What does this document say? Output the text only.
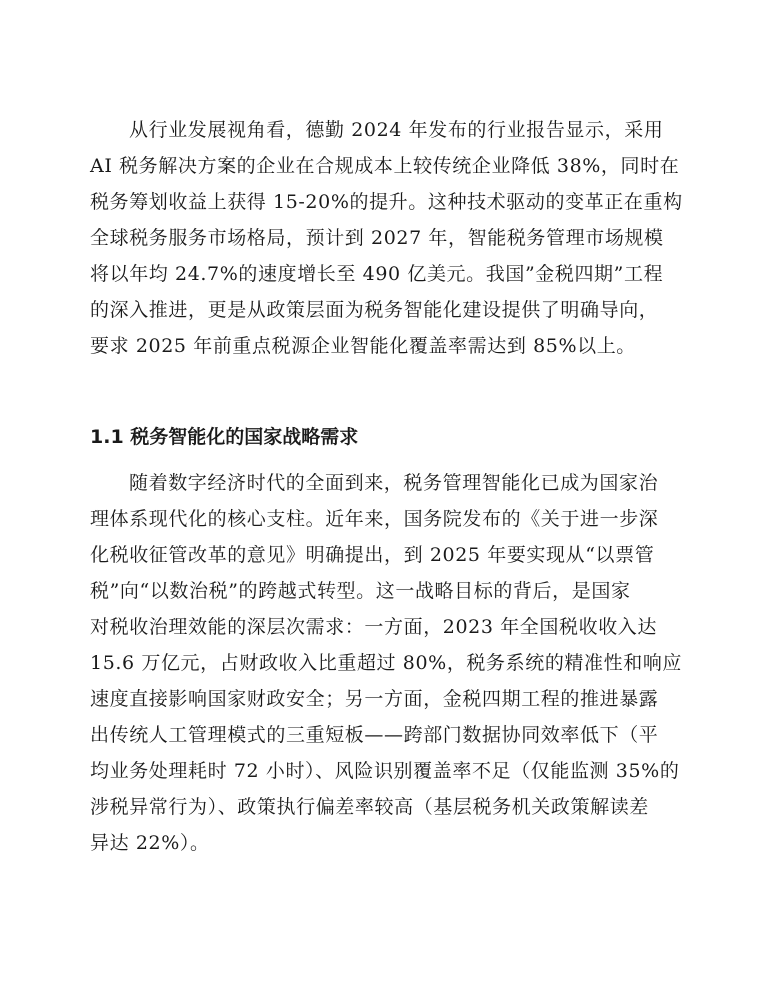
从行业发展视角看，德勤 2024 年发布的行业报告显示，采用
AI 税务解决方案的企业在合规成本上较传统企业降低 38%，同时在
税务筹划收益上获得 15-20%的提升。这种技术驱动的变革正在重构
全球税务服务市场格局，预计到 2027 年，智能税务管理市场规模
将以年均 24.7%的速度增长至 490 亿美元。我国”金税四期”工程
的深入推进，更是从政策层面为税务智能化建设提供了明确导向，
要求 2025 年前重点税源企业智能化覆盖率需达到 85%以上。
1.1 税务智能化的国家战略需求
随着数字经济时代的全面到来，税务管理智能化已成为国家治
理体系现代化的核心支柱。近年来，国务院发布的《关于进一步深
化税收征管改革的意见》明确提出，到 2025 年要实现从“以票管
税”向“以数治税”的跨越式转型。这一战略目标的背后，是国家
对税收治理效能的深层次需求：一方面，2023 年全国税收收入达
15.6 万亿元，占财政收入比重超过 80%，税务系统的精准性和响应
速度直接影响国家财政安全；另一方面，金税四期工程的推进暴露
出传统人工管理模式的三重短板——跨部门数据协同效率低下（平
均业务处理耗时 72 小时）、风险识别覆盖率不足（仅能监测 35%的
涉税异常行为）、政策执行偏差率较高（基层税务机关政策解读差
异达 22%）。
